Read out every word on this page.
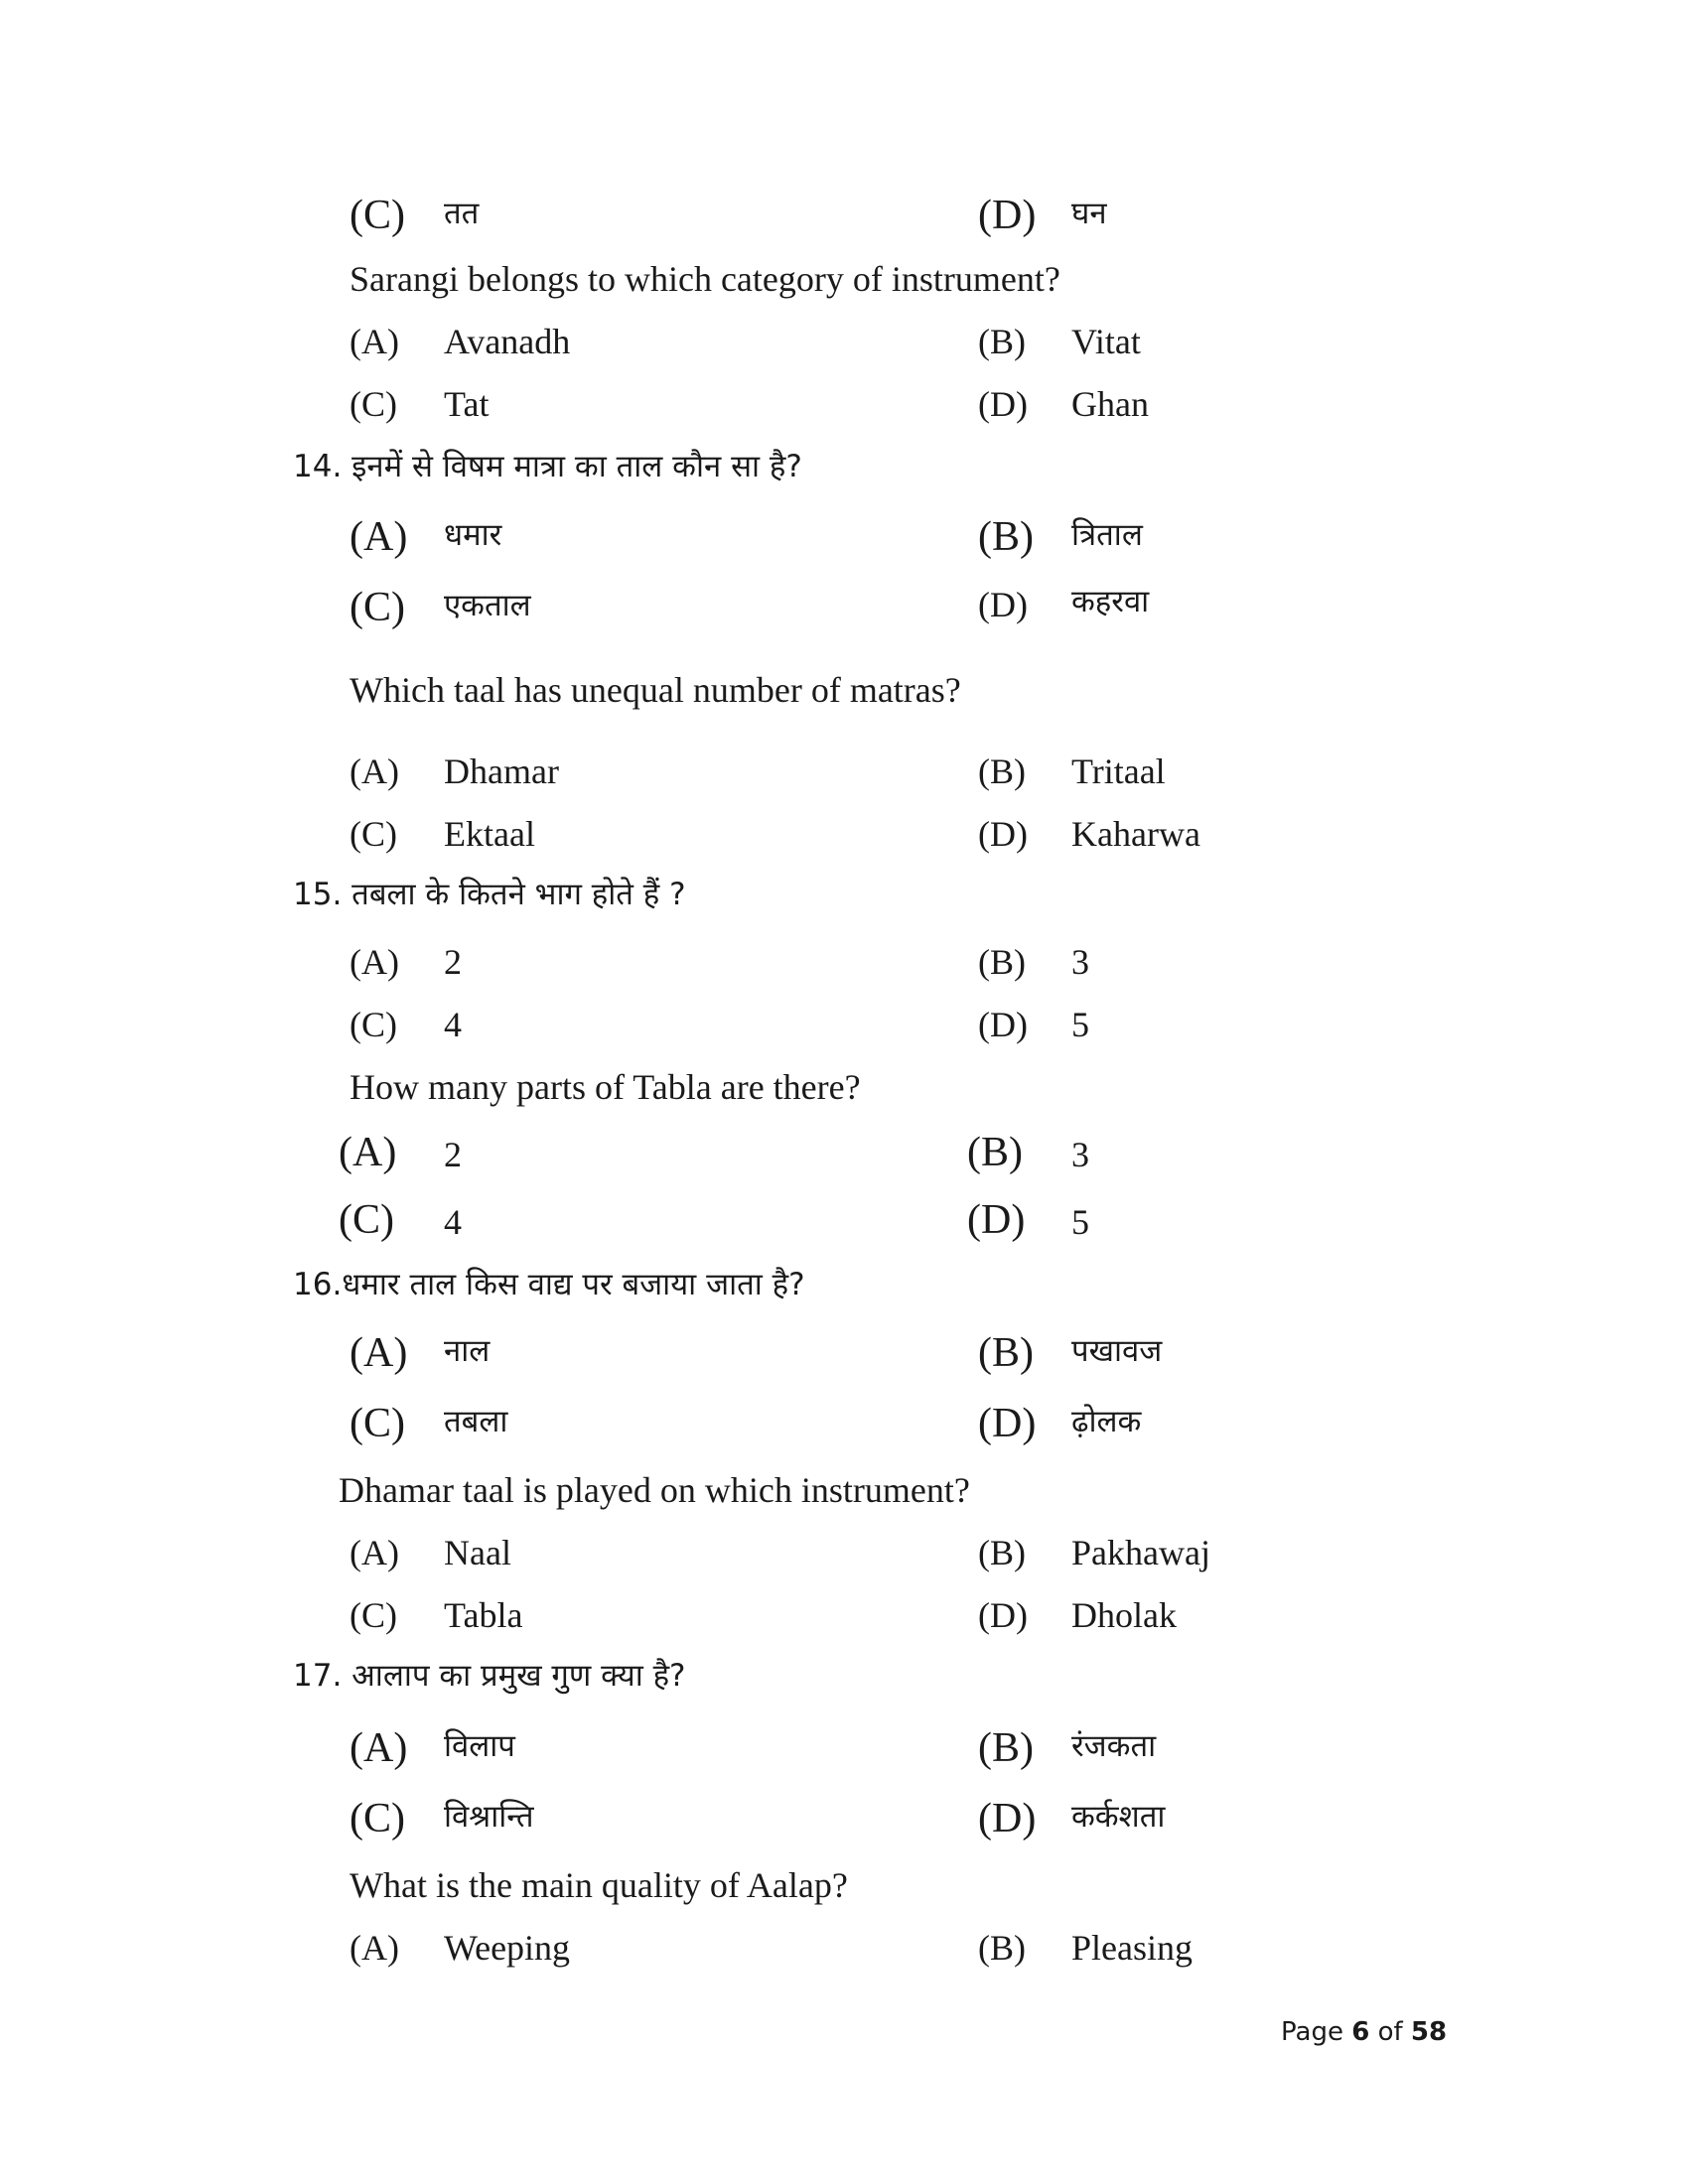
(C) तत	(D) घन
Sarangi belongs to which category of instrument?
(A) Avanadh	(B) Vitat
(C) Tat	(D) Ghan
14. इनमें से विषम मात्रा का ताल कौन सा है?
(A) धमार	(B) त्रिताल
(C) एकताल	(D) कहरवा
Which taal has unequal number of matras?
(A) Dhamar	(B) Tritaal
(C) Ektaal	(D) Kaharwa
15. तबला के कितने भाग होते हैं ?
(A) 2	(B) 3
(C) 4	(D) 5
How many parts of Tabla are there?
(A) 2	(B) 3
(C) 4	(D) 5
16.धमार ताल किस वाद्य पर बजाया जाता है?
(A) नाल	(B) पखावज
(C) तबला	(D) ढ़ोलक
Dhamar taal is played on which instrument?
(A) Naal	(B) Pakhawaj
(C) Tabla	(D) Dholak
17. आलाप का प्रमुख गुण क्या है?
(A) विलाप	(B) रंजकता
(C) विश्रान्ति	(D) कर्कशता
What is the main quality of Aalap?
(A) Weeping	(B) Pleasing
Page 6 of 58
